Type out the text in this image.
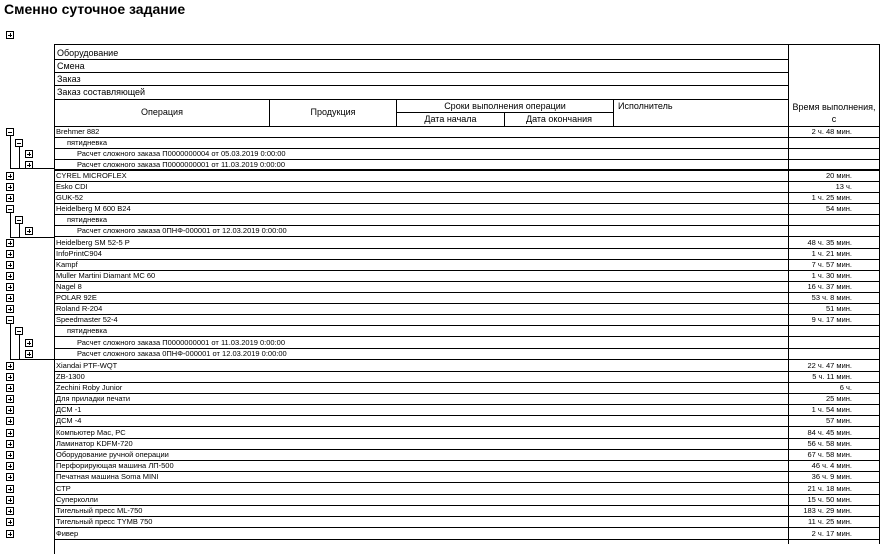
Сменно суточное задание
Оборудование
Смена
Заказ
Заказ составляющей
Операция	Продукция
Сроки выполнения операции
Дата начала	Дата окончания
Исполнитель	Время выполнения, с
Brehmer 882	2 ч. 48 мин.
пятидневка
Расчет сложного заказа П0000000004 от 05.03.2019 0:00:00
Расчет сложного заказа П0000000001 от 11.03.2019 0:00:00
CYREL MICROFLEX	20 мин.
Esko CDI	13 ч.
GUK-52	1 ч. 25 мин.
Heidelberg M 600 B24	54 мин.
пятидневка
Расчет сложного заказа 0ПНФ-000001 от 12.03.2019 0:00:00
Heidelberg SM 52-5 P	48 ч. 35 мин.
InfoPrintC904	1 ч. 21 мин.
Kampf	7 ч. 57 мин.
Muller Martini Diamant MC 60	1 ч. 30 мин.
Nagel 8	16 ч. 37 мин.
POLAR 92E	53 ч. 8 мин.
Roland R-204	51 мин.
Speedmaster 52-4	9 ч. 17 мин.
пятидневка
Расчет сложного заказа П0000000001 от 11.03.2019 0:00:00
Расчет сложного заказа 0ПНФ-000001 от 12.03.2019 0:00:00
Xiandai PTF-WQT	22 ч. 47 мин.
ZB-1300	5 ч. 11 мин.
Zechini Roby Junior	6 ч.
Для приладки печати	25 мин.
ДСМ -1	1 ч. 54 мин.
ДСМ -4	57 мин.
Компьютер Mac, PC	84 ч. 45 мин.
Ламинатор KDFM-720	56 ч. 58 мин.
Оборудование ручной операции	67 ч. 58 мин.
Перфорирующая машина ЛП-500	46 ч. 4 мин.
Печатная машина Soma MINI	36 ч. 9 мин.
СТР	21 ч. 18 мин.
Суперколли	15 ч. 50 мин.
Тигельный пресс ML-750	183 ч. 29 мин.
Тигельный пресс TYMB 750	11 ч. 25 мин.
Фивер	2 ч. 17 мин.
